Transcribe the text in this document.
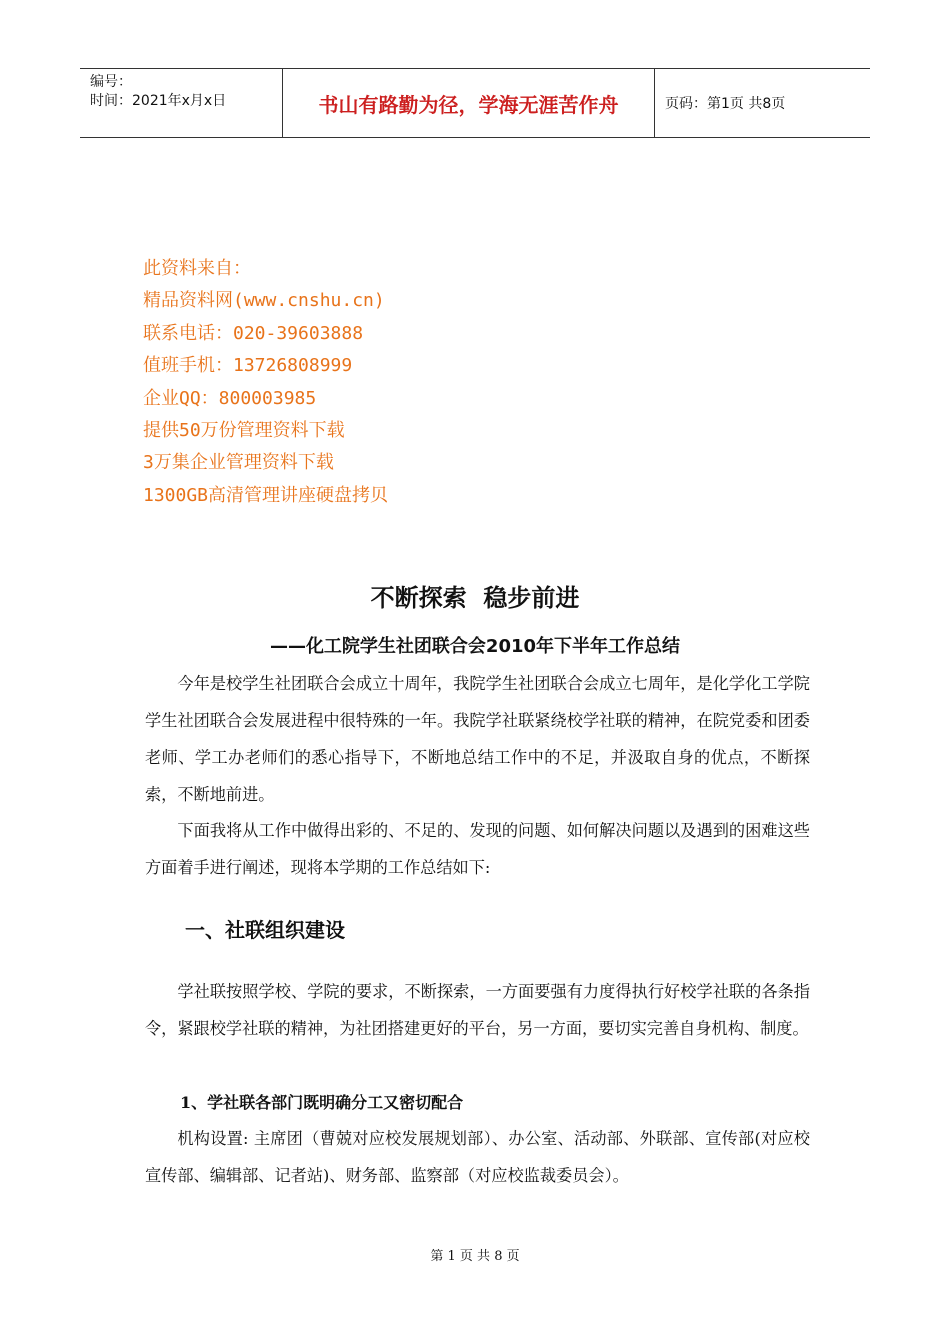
编号：
时间：2021年x月x日	书山有路勤为径，学海无涯苦作舟	页码：第1页 共8页
此资料来自：
精品资料网(www.cnshu.cn)
联系电话：020-39603888
值班手机：13726808999
企业QQ：800003985
提供50万份管理资料下载
3万集企业管理资料下载
1300GB高清管理讲座硬盘拷贝
不断探索  稳步前进
——化工院学生社团联合会2010年下半年工作总结

今年是校学生社团联合会成立十周年，我院学生社团联合会成立七周年，是化学化工学院学生社团联合会发展进程中很特殊的一年。我院学社联紧绕校学社联的精神，在院党委和团委老师、学工办老师们的悉心指导下，不断地总结工作中的不足，并汲取自身的优点，不断探索，不断地前进。

下面我将从工作中做得出彩的、不足的、发现的问题、如何解决问题以及遇到的困难这些方面着手进行阐述，现将本学期的工作总结如下:

一、社联组织建设

学社联按照学校、学院的要求，不断探索，一方面要强有力度得执行好校学社联的各条指令，紧跟校学社联的精神，为社团搭建更好的平台，另一方面，要切实完善自身机构、制度。

1、学社联各部门既明确分工又密切配合

机构设置: 主席团（曹兢对应校发展规划部）、办公室、活动部、外联部、宣传部(对应校宣传部、编辑部、记者站)、财务部、监察部（对应校监裁委员会）。

第 1 页 共 8 页
